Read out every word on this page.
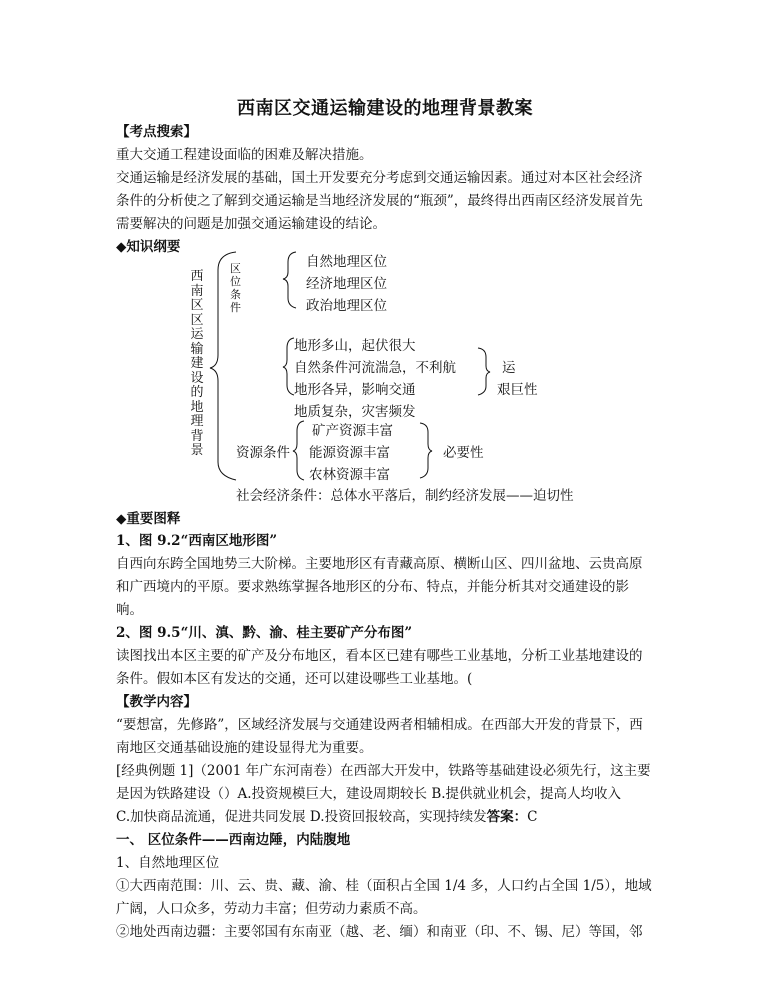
西南区交通运输建设的地理背景教案
【考点搜索】
重大交通工程建设面临的困难及解决措施。
交通运输是经济发展的基础，国土开发要充分考虑到交通运输因素。通过对本区社会经济
条件的分析使之了解到交通运输是当地经济发展的“瓶颈”，最终得出西南区经济发展首先
需要解决的问题是加强交通运输建设的结论。
◆知识纲要
西南区区运输建设的地理背景
区位条件
自然地理区位
经济地理区位
政治地理区位
地形多山，起伏很大
自然条件河流湍急，不利航
地形各异，影响交通
地质复杂，灾害频发
运
艰巨性
资源条件
矿产资源丰富
能源资源丰富
农林资源丰富
必要性
社会经济条件：总体水平落后，制约经济发展——迫切性
◆重要图释
1、图 9.2“西南区地形图”
自西向东跨全国地势三大阶梯。主要地形区有青藏高原、横断山区、四川盆地、云贵高原
和广西境内的平原。要求熟练掌握各地形区的分布、特点，并能分析其对交通建设的影
响。
2、图 9.5“川、滇、黔、渝、桂主要矿产分布图”
读图找出本区主要的矿产及分布地区，看本区已建有哪些工业基地，分析工业基地建设的
条件。假如本区有发达的交通，还可以建设哪些工业基地。(
【教学内容】
“要想富，先修路”，区域经济发展与交通建设两者相辅相成。在西部大开发的背景下，西
南地区交通基础设施的建设显得尤为重要。
[经典例题 1]（2001 年广东河南卷）在西部大开发中，铁路等基础建设必须先行，这主要
是因为铁路建设（）A.投资规模巨大，建设周期较长 B.提供就业机会，提高人均收入
C.加快商品流通，促进共同发展 D.投资回报较高，实现持续发答案：C
一、 区位条件——西南边陲，内陆腹地
1、自然地理区位
①大西南范围：川、云、贵、藏、渝、桂（面积占全国 1/4 多，人口约占全国 1/5），地域
广阔，人口众多，劳动力丰富；但劳动力素质不高。
②地处西南边疆：主要邻国有东南亚（越、老、缅）和南亚（印、不、锡、尼）等国，邻
